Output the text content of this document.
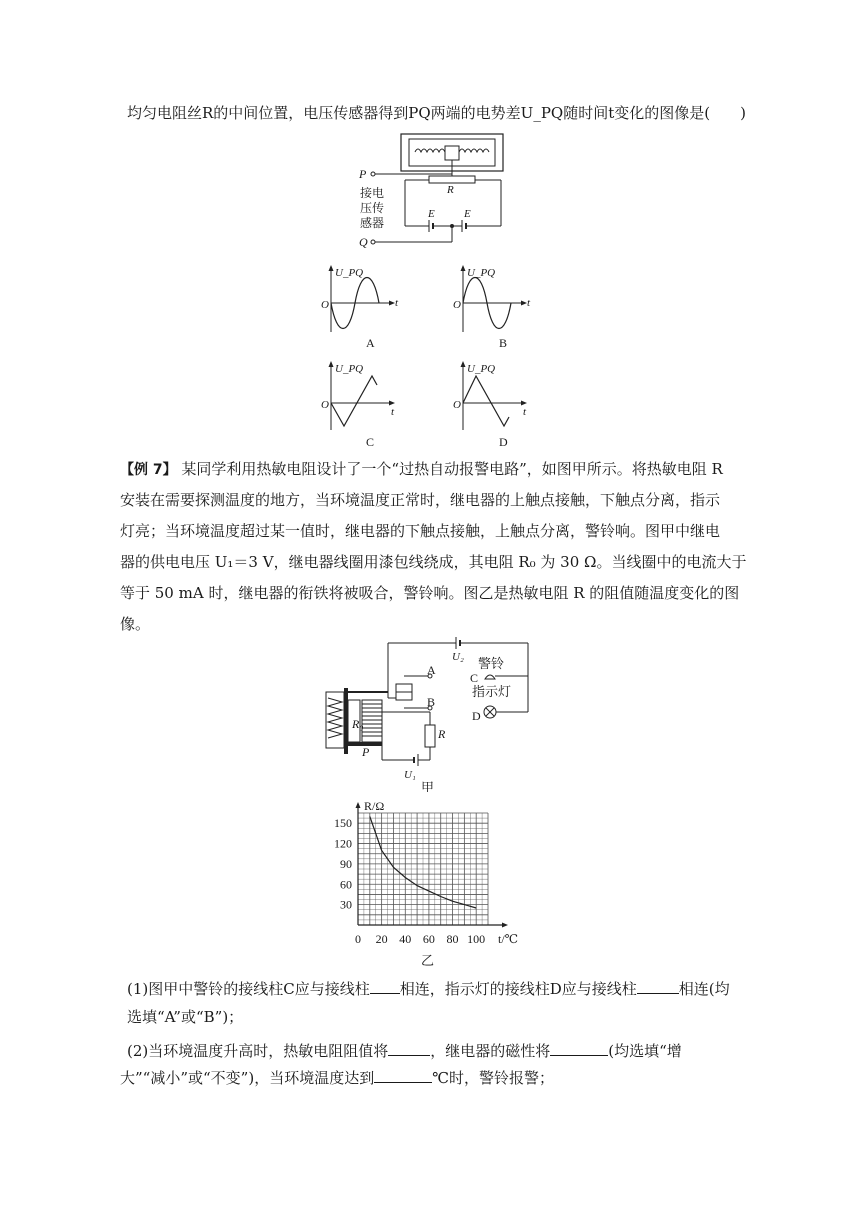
均匀电阻丝R的中间位置，电压传感器得到PQ两端的电势差U_PQ随时间t变化的图像是(　　)
P
R
E	E
Q
接电
压传
感器
U_PQ
O	t
A
U_PQ
O	t
B
U_PQ
O
t
C
U_PQ
O
t
D
【例 7】 某同学利用热敏电阻设计了一个“过热自动报警电路”，如图甲所示。将热敏电阻 R
安装在需要探测温度的地方，当环境温度正常时，继电器的上触点接触，下触点分离，指示
灯亮；当环境温度超过某一值时，继电器的下触点接触，上触点分离，警铃响。图甲中继电
器的供电电压 U₁＝3 V，继电器线圈用漆包线绕成，其电阻 R₀ 为 30 Ω。当线圈中的电流大于
等于 50 mA 时，继电器的衔铁将被吸合，警铃响。图乙是热敏电阻 R 的阻值随温度变化的图
像。
U₂ 警铃
C
指示灯
D
A
B
R₀
P
R
U₁
甲
R/Ω
t/℃
0 20 40 60 80 100
30
60
90
120
150
乙
(1)图甲中警铃的接线柱C应与接线柱 相连，指示灯的接线柱D应与接线柱	相连(均
选填“A”或“B”)；
(2)当环境温度升高时，热敏电阻阻值将	，继电器的磁性将	(均选填“增
大”“减小”或“不变”)，当环境温度达到	℃时，警铃报警；
